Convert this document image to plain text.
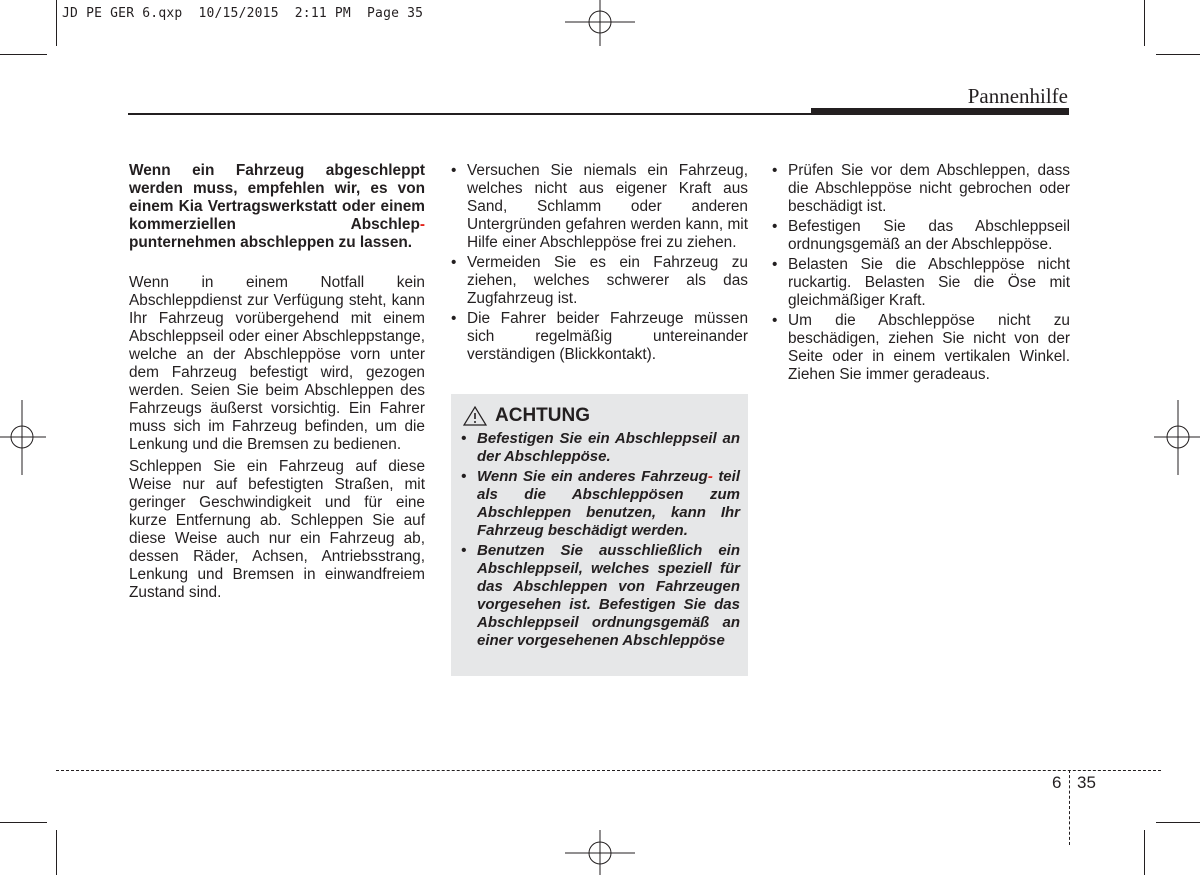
JD PE GER 6.qxp  10/15/2015  2:11 PM  Page 35
Pannenhilfe

Wenn ein Fahrzeug abgeschleppt werden muss, empfehlen wir, es von einem Kia Vertragswerkstatt oder einem kommerziellen Abschlep- punternehmen abschleppen zu lassen.

Wenn in einem Notfall kein Abschleppdienst zur Verfügung steht, kann Ihr Fahrzeug vorübergehend mit einem Abschleppseil oder einer Abschleppstange, welche an der Abschleppöse vorn unter dem Fahrzeug befestigt wird, gezogen werden. Seien Sie beim Abschleppen des Fahrzeugs äußerst vorsichtig. Ein Fahrer muss sich im Fahrzeug befinden, um die Lenkung und die Bremsen zu bedienen.

Schleppen Sie ein Fahrzeug auf diese Weise nur auf befestigten Straßen, mit geringer Geschwindigkeit und für eine kurze Entfernung ab. Schleppen Sie auf diese Weise auch nur ein Fahrzeug ab, dessen Räder, Achsen, Antriebsstrang, Lenkung und Bremsen in einwandfreiem Zustand sind.

• Versuchen Sie niemals ein Fahrzeug, welches nicht aus eigener Kraft aus Sand, Schlamm oder anderen Untergründen gefahren werden kann, mit Hilfe einer Abschleppöse frei zu ziehen.
• Vermeiden Sie es ein Fahrzeug zu ziehen, welches schwerer als das Zugfahrzeug ist.
• Die Fahrer beider Fahrzeuge müssen sich regelmäßig untereinander verständigen (Blickkontakt).
ACHTUNG
• Befestigen Sie ein Abschleppseil an der Abschleppöse.
• Wenn Sie ein anderes Fahrzeug- teil als die Abschleppösen zum Abschleppen benutzen, kann Ihr Fahrzeug beschädigt werden.
• Benutzen Sie ausschließlich ein Abschleppseil, welches speziell für das Abschleppen von Fahrzeugen vorgesehen ist. Befestigen Sie das Abschleppseil ordnungsgemäß an einer vorgesehenen Abschleppöse
• Prüfen Sie vor dem Abschleppen, dass die Abschleppöse nicht gebrochen oder beschädigt ist.
• Befestigen Sie das Abschleppseil ordnungsgemäß an der Abschleppöse.
• Belasten Sie die Abschleppöse nicht ruckartig. Belasten Sie die Öse mit gleichmäßiger Kraft.
• Um die Abschleppöse nicht zu beschädigen, ziehen Sie nicht von der Seite oder in einem vertikalen Winkel. Ziehen Sie immer geradeaus.
6 35
